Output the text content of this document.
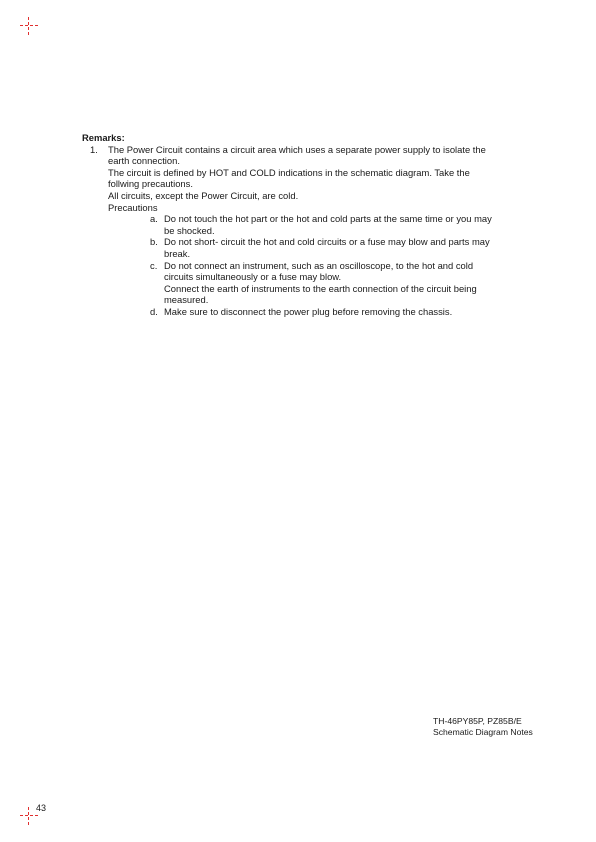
Remarks:
1. The Power Circuit contains a circuit area which uses a separate power supply to isolate the
earth connection.
The circuit is defined by HOT and COLD indications in the schematic diagram. Take the
follwing precautions.
All circuits, except the Power Circuit, are cold.
Precautions
a. Do not touch the hot part or the hot and cold parts at the same time or you may
be shocked.
b. Do not short- circuit the hot and cold circuits or a fuse may blow and parts may
break.
c. Do not connect an instrument, such as an oscilloscope, to the hot and cold
circuits simultaneously or a fuse may blow.
Connect the earth of instruments to the earth connection of the circuit being
measured.
d. Make sure to disconnect the power plug before removing the chassis.
TH-46PY85P, PZ85B/E
Schematic Diagram Notes
43
